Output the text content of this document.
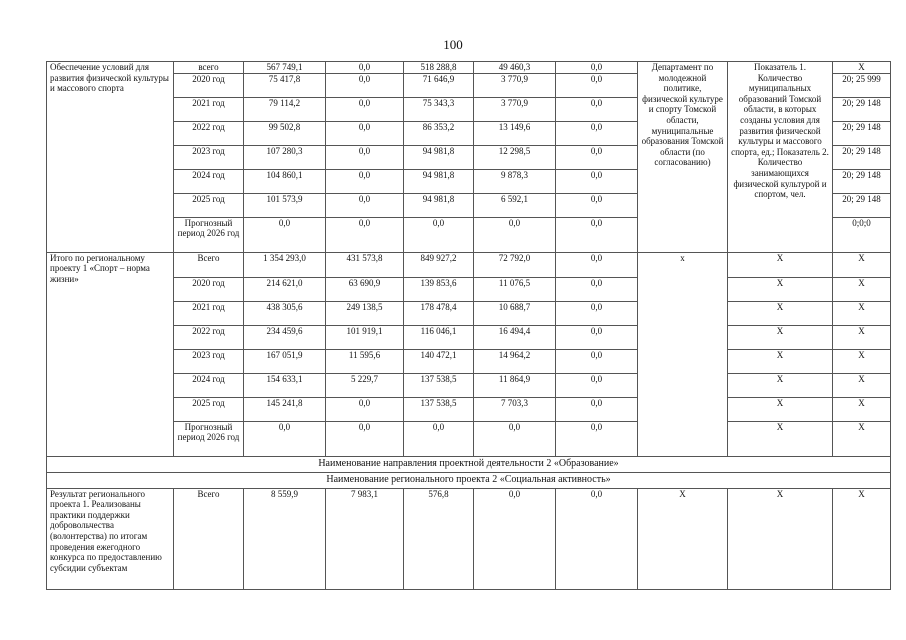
100
Обеспечение условий для развития физической культуры и массового спорта	всего	567 749,1	0,0	518 288,8	49 460,3	0,0	Департамент по молодежной политике, физической культуре и спорту Томской области, муниципальные образования Томской области (по согласованию)	Показатель 1. Количество муниципальных образований Томской области, в которых созданы условия для развития физической культуры и массового спорта, ед.; Показатель 2. Количество занимающихся физической культурой и спортом, чел.	X
	2020 год	75 417,8	0,0	71 646,9	3 770,9	0,0			20; 25 999
	2021 год	79 114,2	0,0	75 343,3	3 770,9	0,0			20; 29 148
	2022 год	99 502,8	0,0	86 353,2	13 149,6	0,0			20; 29 148
	2023 год	107 280,3	0,0	94 981,8	12 298,5	0,0			20; 29 148
	2024 год	104 860,1	0,0	94 981,8	9 878,3	0,0			20; 29 148
	2025 год	101 573,9	0,0	94 981,8	6 592,1	0,0			20; 29 148
	Прогнозный период 2026 год	0,0	0,0	0,0	0,0	0,0			0;0;0
Итого по региональному проекту 1 «Спорт – норма жизни»	Всего	1 354 293,0	431 573,8	849 927,2	72 792,0	0,0	x	X	X
	2020 год	214 621,0	63 690,9	139 853,6	11 076,5	0,0		X	X
	2021 год	438 305,6	249 138,5	178 478,4	10 688,7	0,0		X	X
	2022 год	234 459,6	101 919,1	116 046,1	16 494,4	0,0		X	X
	2023 год	167 051,9	11 595,6	140 472,1	14 964,2	0,0		X	X
	2024 год	154 633,1	5 229,7	137 538,5	11 864,9	0,0		X	X
	2025 год	145 241,8	0,0	137 538,5	7 703,3	0,0		X	X
	Прогнозный период 2026 год	0,0	0,0	0,0	0,0	0,0		X	X
Наименование направления проектной деятельности 2 «Образование»									
Наименование регионального проекта 2 «Социальная активность»									
Результат регионального проекта 1. Реализованы практики поддержки добровольчества (волонтерства) по итогам проведения ежегодного конкурса по предоставлению субсидии субъектам	Всего	8 559,9	7 983,1	576,8	0,0	0,0	X	X	X
